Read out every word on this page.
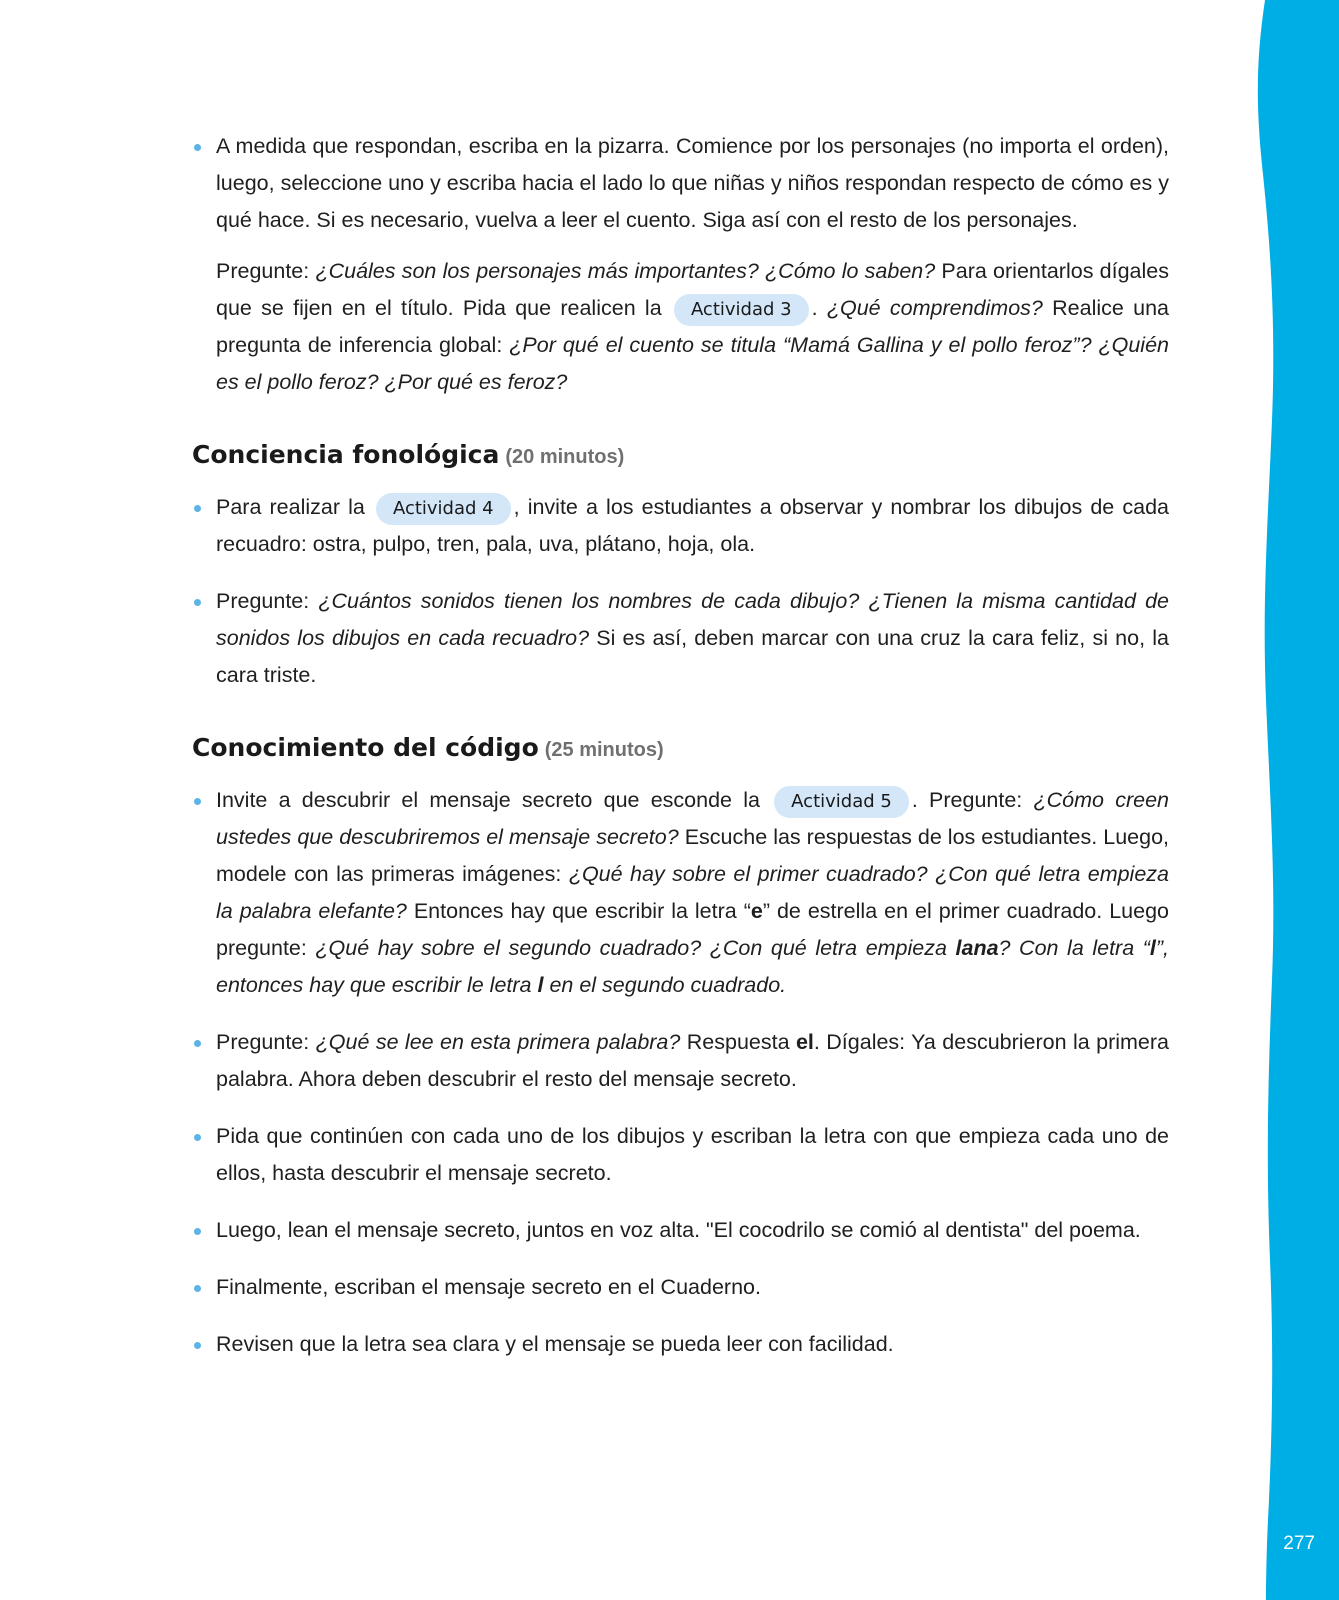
277

A medida que respondan, escriba en la pizarra. Comience por los personajes (no importa el orden), luego, seleccione uno y escriba hacia el lado lo que niñas y niños respondan respecto de cómo es y qué hace. Si es necesario, vuelva a leer el cuento. Siga así con el resto de los personajes.

Pregunte: ¿Cuáles son los personajes más importantes? ¿Cómo lo saben? Para orientarlos dígales que se fijen en el título. Pida que realicen la Actividad 3 . ¿Qué comprendimos? Realice una pregunta de inferencia global: ¿Por qué el cuento se titula “Mamá Gallina y el pollo feroz”? ¿Quién es el pollo feroz? ¿Por qué es feroz?

Conciencia fonológica (20 minutos)

Para realizar la Actividad 4 , invite a los estudiantes a observar y nombrar los dibujos de cada recuadro: ostra, pulpo, tren, pala, uva, plátano, hoja, ola.

Pregunte: ¿Cuántos sonidos tienen los nombres de cada dibujo? ¿Tienen la misma cantidad de sonidos los dibujos en cada recuadro? Si es así, deben marcar con una cruz la cara feliz, si no, la cara triste.

Conocimiento del código (25 minutos)

Invite a descubrir el mensaje secreto que esconde la Actividad 5 . Pregunte: ¿Cómo creen ustedes que descubriremos el mensaje secreto? Escuche las respuestas de los estudiantes. Luego, modele con las primeras imágenes: ¿Qué hay sobre el primer cuadrado? ¿Con qué letra empieza la palabra elefante? Entonces hay que escribir la letra “e” de estrella en el primer cuadrado. Luego pregunte: ¿Qué hay sobre el segundo cuadrado? ¿Con qué letra empieza lana? Con la letra “l”, entonces hay que escribir le letra l en el segundo cuadrado.

Pregunte: ¿Qué se lee en esta primera palabra? Respuesta el. Dígales: Ya descubrieron la primera palabra. Ahora deben descubrir el resto del mensaje secreto.

Pida que continúen con cada uno de los dibujos y escriban la letra con que empieza cada uno de ellos, hasta descubrir el mensaje secreto.

Luego, lean el mensaje secreto, juntos en voz alta. "El cocodrilo se comió al dentista" del poema.

Finalmente, escriban el mensaje secreto en el Cuaderno.

Revisen que la letra sea clara y el mensaje se pueda leer con facilidad.
